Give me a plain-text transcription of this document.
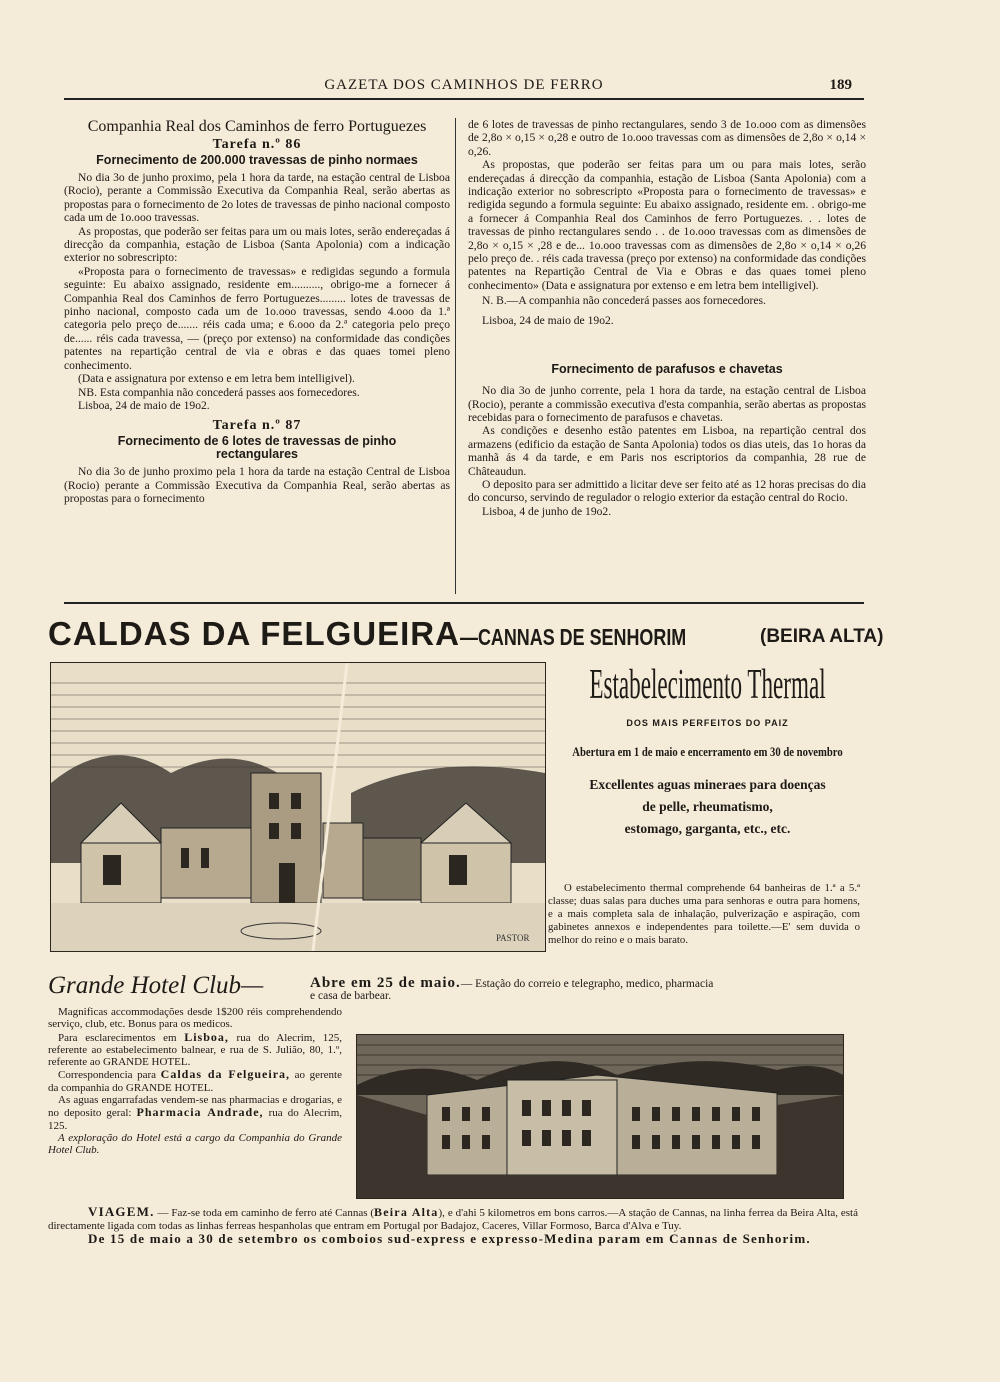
GAZETA DOS CAMINHOS DE FERRO	189

Companhia Real dos Caminhos de ferro Portuguezes

Tarefa n.º 86

Fornecimento de 200.000 travessas de pinho normaes

No dia 3o de junho proximo, pela 1 hora da tarde, na estação central de Lisboa (Rocio), perante a Commissão Executiva da Companhia Real, serão abertas as propostas para o fornecimento de 2o lotes de travessas de pinho nacional composto cada um de 1o.ooo travessas.

As propostas, que poderão ser feitas para um ou mais lotes, serão endereçadas á direcção da companhia, estação de Lisboa (Santa Apolonia) com a indicação exterior no sobrescripto:

«Proposta para o fornecimento de travessas» e redigidas segundo a formula seguinte: Eu abaixo assignado, residente em.........., obrigo-me a fornecer á Companhia Real dos Caminhos de ferro Portuguezes......... lotes de travessas de pinho nacional, composto cada um de 1o.ooo travessas, sendo 4.ooo da 1.ª categoria pelo preço de....... réis cada uma; e 6.ooo da 2.ª categoria pelo preço de...... réis cada travessa, — (preço por extenso) na conformidade das condições patentes na repartição central de via e obras e das quaes tomei pleno conhecimento.

(Data e assignatura por extenso e em letra bem intelligivel).

NB. Esta companhia não concederá passes aos fornecedores.

Lisboa, 24 de maio de 19o2.

Tarefa n.º 87

Fornecimento de 6 lotes de travessas de pinho rectangulares

No dia 3o de junho proximo pela 1 hora da tarde na estação Central de Lisboa (Rocio) perante a Commissão Executiva da Companhia Real, serão abertas as propostas para o fornecimento

de 6 lotes de travessas de pinho rectangulares, sendo 3 de 1o.ooo com as dimensões de 2,8o × o,15 × o,28 e outro de 1o.ooo travessas com as dimensões de 2,8o × o,14 × o,26.

As propostas, que poderão ser feitas para um ou para mais lotes, serão endereçadas á direcção da companhia, estação de Lisboa (Santa Apolonia) com a indicação exterior no sobrescripto «Proposta para o fornecimento de travessas» e redigida segundo a formula seguinte: Eu abaixo assignado, residente em. . obrigo-me a fornecer á Companhia Real dos Caminhos de ferro Portuguezes. . . lotes de travessas de pinho rectangulares sendo . . de 1o.ooo travessas com as dimensões de 2,8o × o,15 × ,28 e de... 1o.ooo travessas com as dimensões de 2,8o × o,14 × o,26 pelo preço de. . réis cada travessa (preço por extenso) na conformidade das condições patentes na Repartição Central de Via e Obras e das quaes tomei pleno conhecimento» (Data e assignatura por extenso e em letra bem intelligivel).

N. B.—A companhia não concederá passes aos fornecedores.

Lisboa, 24 de maio de 19o2.

Fornecimento de parafusos e chavetas

No dia 3o de junho corrente, pela 1 hora da tarde, na estação central de Lisboa (Rocio), perante a commissão executiva d'esta companhia, serão abertas as propostas recebidas para o fornecimento de parafusos e chavetas.

As condições e desenho estão patentes em Lisboa, na repartição central dos armazens (edificio da estação de Santa Apolonia) todos os dias uteis, das 1o horas da manhã ás 4 da tarde, e em Paris nos escriptorios da companhia, 28 rue de Châteaudun.

O deposito para ser admittido a licitar deve ser feito até as 12 horas precisas do dia do concurso, servindo de regulador o relogio exterior da estação central do Rocio.

Lisboa, 4 de junho de 19o2.

CALDAS DA FELGUEIRA—CANNAS DE SENHORIM	(BEIRA ALTA)
PASTOR
Estabelecimento Thermal
DOS MAIS PERFEITOS DO PAIZ
Abertura em 1 de maio e encerramento em 30 de novembro
Excellentes aguas mineraes para doenças
de pelle, rheumatismo,
estomago, garganta, etc., etc.

O estabelecimento thermal comprehende 64 banheiras de 1.ª a 5.ª classe; duas salas para duches uma para senhoras e outra para homens, e a mais completa sala de inhalação, pulverização e aspiração, com gabinetes annexos e independentes para toilette.—E' sem duvida o melhor do reino e o mais barato.

Grande Hotel Club—	Abre em 25 de maio.— Estação do correio e telegrapho, medico, pharmacia
e casa de barbear.

Magnificas accommodações desde 1$200 réis comprehendendo serviço, club, etc. Bonus para os medicos.

Para esclarecimentos em Lisboa, rua do Alecrim, 125, referente ao estabelecimento balnear, e rua de S. Julião, 80, 1.º, referente ao GRANDE HOTEL.

Correspondencia para Caldas da Felgueira, ao gerente da companhia do GRANDE HOTEL.

As aguas engarrafadas vendem-se nas pharmacias e drogarias, e no deposito geral: Pharmacia Andrade, rua do Alecrim, 125.

A exploração do Hotel está a cargo da Companhia do Grande Hotel Club.

VIAGEM. — Faz-se toda em caminho de ferro até Cannas (Beira Alta), e d'ahi 5 kilometros em bons carros.—A stação de Cannas, na linha ferrea da Beira Alta, está directamente ligada com todas as linhas ferreas hespanholas que entram em Portugal por Badajoz, Caceres, Villar Formoso, Barca d'Alva e Tuy.

De 15 de maio a 30 de setembro os comboios sud-express e expresso-Medina param em Cannas de Senhorim.
